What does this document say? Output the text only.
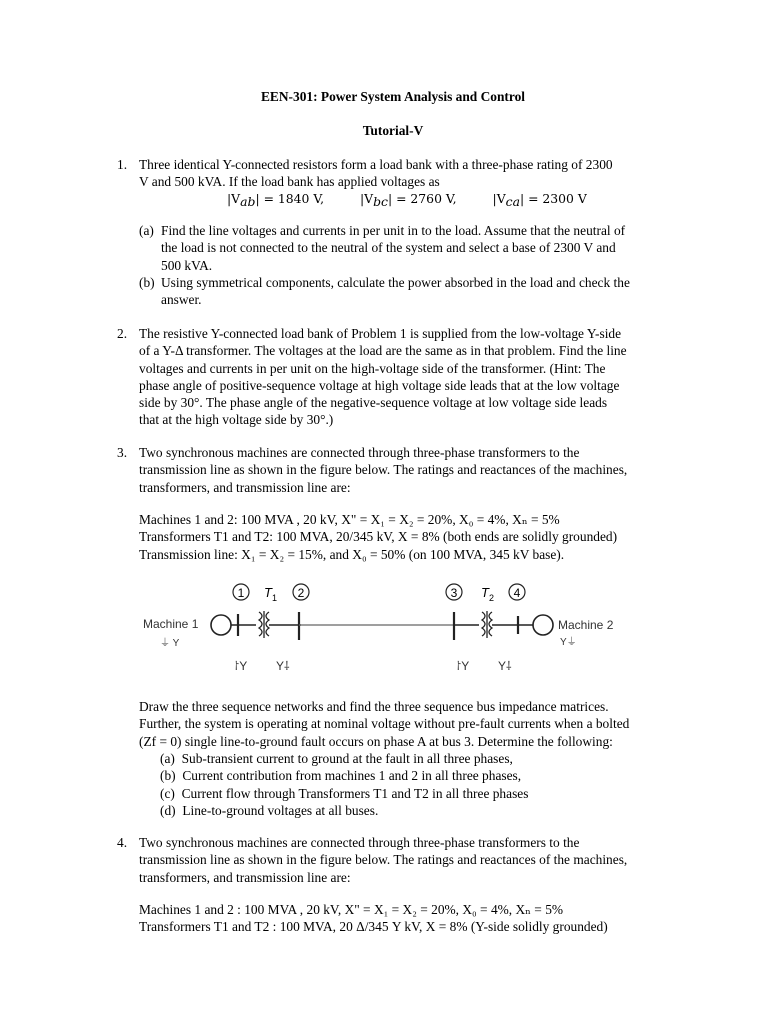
EEN-301: Power System Analysis and Control
Tutorial-V
1. Three identical Y-connected resistors form a load bank with a three-phase rating of 2300
V and 500 kVA. If the load bank has applied voltages as
|Vab| = 1840 V,	|Vbc| = 2760 V,	|Vca| = 2300 V
(a) Find the line voltages and currents in per unit in to the load. Assume that the neutral of
the load is not connected to the neutral of the system and select a base of 2300 V and
500 kVA.
(b) Using symmetrical components, calculate the power absorbed in the load and check the
answer.
2. The resistive Y-connected load bank of Problem 1 is supplied from the low-voltage Y-side
of a Y-Δ transformer. The voltages at the load are the same as in that problem. Find the line
voltages and currents in per unit on the high-voltage side of the transformer. (Hint: The
phase angle of positive-sequence voltage at high voltage side leads that at the low voltage
side by 30°. The phase angle of the negative-sequence voltage at low voltage side leads
that at the high voltage side by 30°.)
3. Two synchronous machines are connected through three-phase transformers to the
transmission line as shown in the figure below. The ratings and reactances of the machines,
transformers, and transmission line are:
Machines 1 and 2: 100 MVA , 20 kV, X" = X₁ = X₂ = 20%, X₀ = 4%, Xₙ = 5%
Transformers T1 and T2: 100 MVA, 20/345 kV, X = 8% (both ends are solidly grounded)
Transmission line: X₁ = X₂ = 15%, and X₀ = 50% (on 100 MVA, 345 kV base).
1 T 1 2	3 T 2 4
Machine 1
⏚ Y
⸷Y Y⸸
Machine 2
Y⏚
⸷Y Y⸸
Draw the three sequence networks and find the three sequence bus impedance matrices.
Further, the system is operating at nominal voltage without pre-fault currents when a bolted
(Zf = 0) single line-to-ground fault occurs on phase A at bus 3. Determine the following:
(a) Sub-transient current to ground at the fault in all three phases,
(b) Current contribution from machines 1 and 2 in all three phases,
(c) Current flow through Transformers T1 and T2 in all three phases
(d) Line-to-ground voltages at all buses.
4. Two synchronous machines are connected through three-phase transformers to the
transmission line as shown in the figure below. The ratings and reactances of the machines,
transformers, and transmission line are:
Machines 1 and 2 : 100 MVA , 20 kV, X" = X₁ = X₂ = 20%, X₀ = 4%, Xₙ = 5%
Transformers T1 and T2 : 100 MVA, 20 Δ/345 Y kV, X = 8% (Y-side solidly grounded)
